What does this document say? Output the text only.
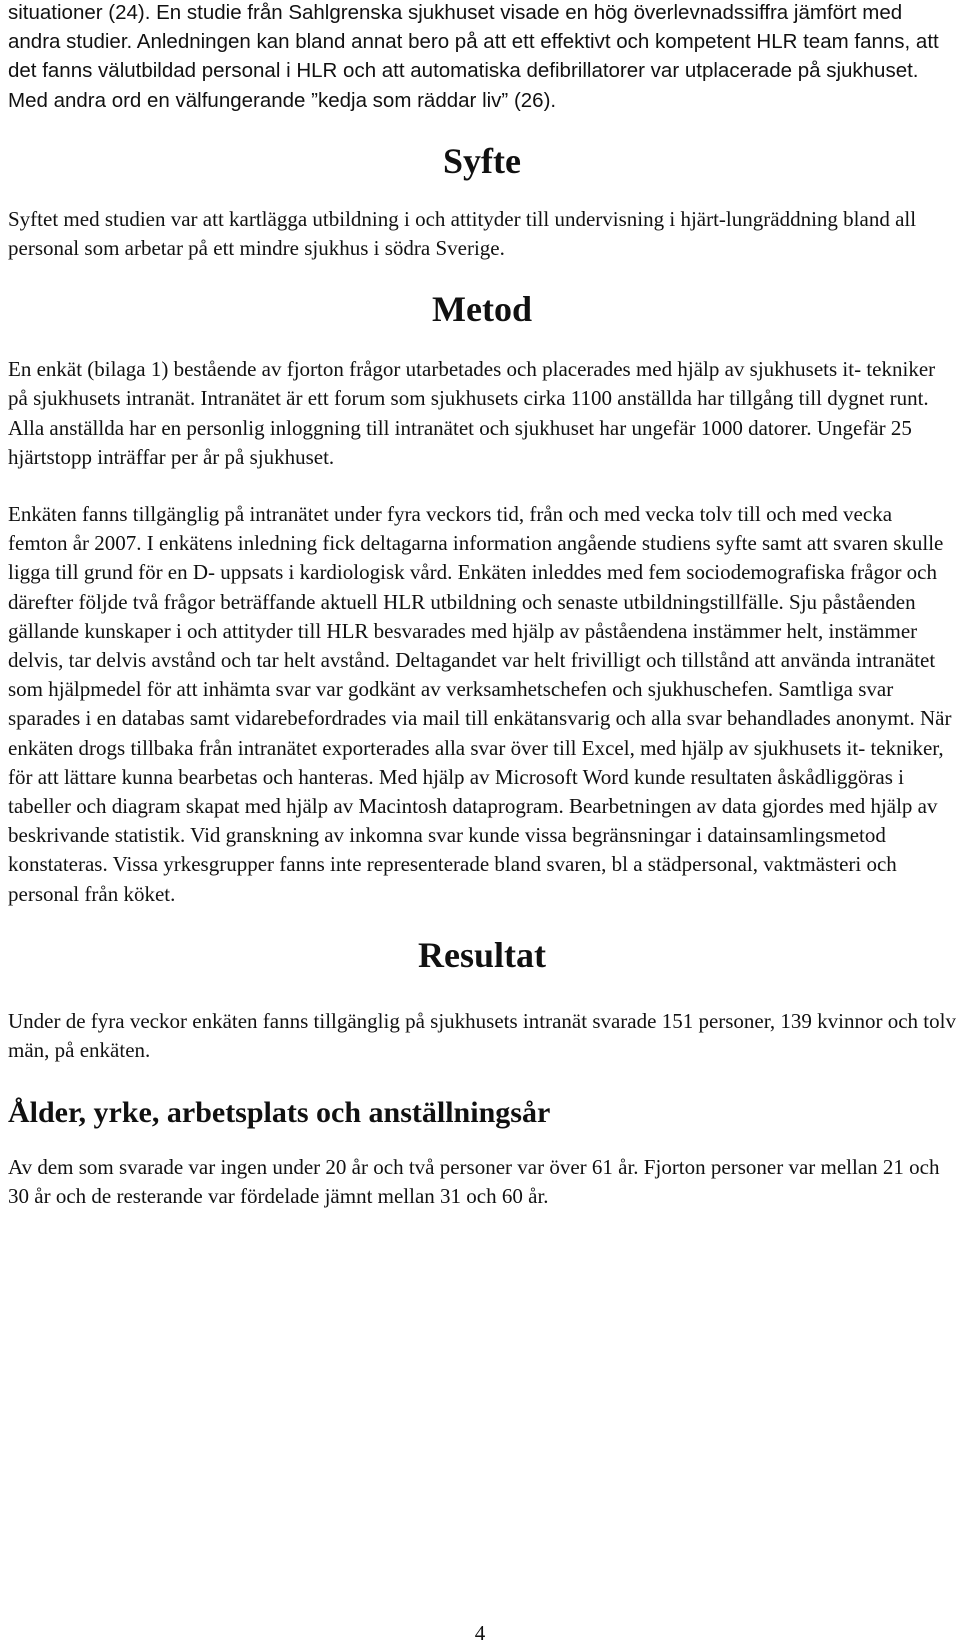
situationer (24). En studie från Sahlgrenska sjukhuset visade en hög överlevnadssiffra jämfört med andra studier. Anledningen kan bland annat bero på att ett effektivt och kompetent HLR team fanns, att det fanns välutbildad personal i HLR och att automatiska defibrillatorer var utplacerade på sjukhuset. Med andra ord en välfungerande ”kedja som räddar liv” (26).

Syfte

Syftet med studien var att kartlägga utbildning i och attityder till undervisning i hjärt-lungräddning bland all personal som arbetar på ett mindre sjukhus i södra Sverige.

Metod

En enkät (bilaga 1) bestående av fjorton frågor utarbetades och placerades med hjälp av sjukhusets it- tekniker på sjukhusets intranät. Intranätet är ett forum som sjukhusets cirka 1100 anställda har tillgång till dygnet runt. Alla anställda har en personlig inloggning till intranätet och sjukhuset har ungefär 1000 datorer. Ungefär 25 hjärtstopp inträffar per år på sjukhuset.

Enkäten fanns tillgänglig på intranätet under fyra veckors tid, från och med vecka tolv till och med vecka femton år 2007. I enkätens inledning fick deltagarna information angående studiens syfte samt att svaren skulle ligga till grund för en D- uppsats i kardiologisk vård. Enkäten inleddes med fem sociodemografiska frågor och därefter följde två frågor beträffande aktuell HLR utbildning och senaste utbildningstillfälle. Sju påståenden gällande kunskaper i och attityder till HLR besvarades med hjälp av påståendena instämmer helt, instämmer delvis, tar delvis avstånd och tar helt avstånd. Deltagandet var helt frivilligt och tillstånd att använda intranätet som hjälpmedel för att inhämta svar var godkänt av verksamhetschefen och sjukhuschefen. Samtliga svar sparades i en databas samt vidarebefordrades via mail till enkätansvarig och alla svar behandlades anonymt. När enkäten drogs tillbaka från intranätet exporterades alla svar över till Excel, med hjälp av sjukhusets it- tekniker, för att lättare kunna bearbetas och hanteras. Med hjälp av Microsoft Word kunde resultaten åskådliggöras i tabeller och diagram skapat med hjälp av Macintosh dataprogram. Bearbetningen av data gjordes med hjälp av beskrivande statistik. Vid granskning av inkomna svar kunde vissa begränsningar i datainsamlingsmetod konstateras. Vissa yrkesgrupper fanns inte representerade bland svaren, bl a städpersonal, vaktmästeri och personal från köket.

Resultat

Under de fyra veckor enkäten fanns tillgänglig på sjukhusets intranät svarade 151 personer, 139 kvinnor och tolv män, på enkäten.

Ålder, yrke, arbetsplats och anställningsår

Av dem som svarade var ingen under 20 år och två personer var över 61 år. Fjorton personer var mellan 21 och 30 år och de resterande var fördelade jämnt mellan 31 och 60 år.

4
